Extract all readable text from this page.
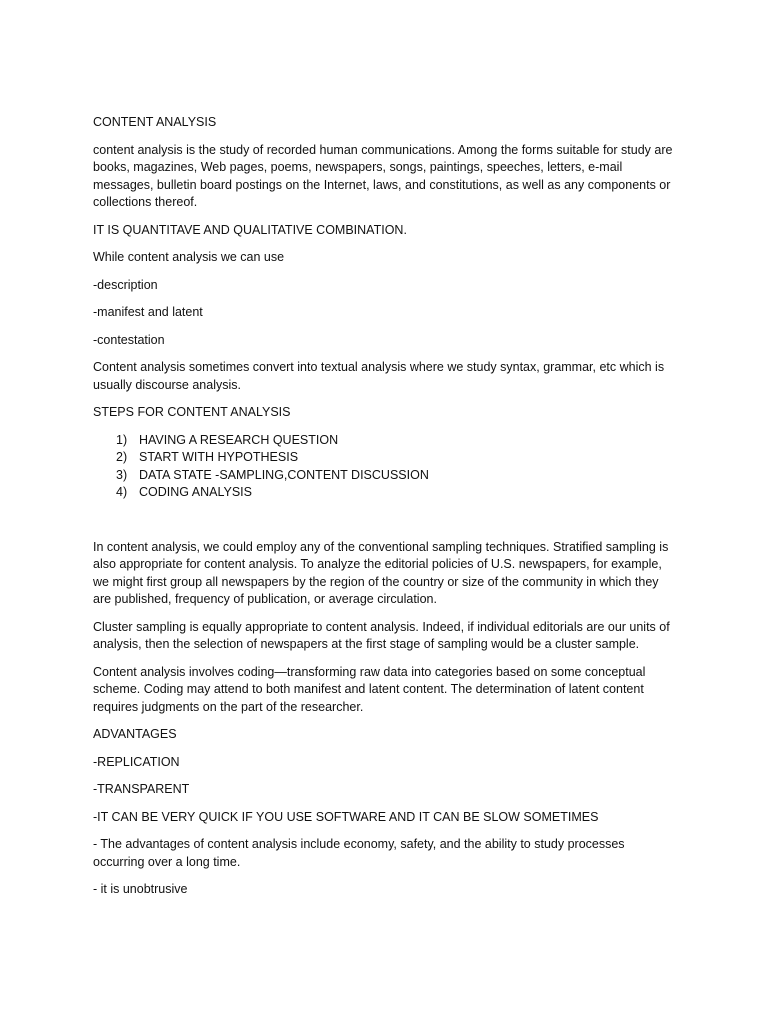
CONTENT ANALYSIS

content analysis is the study of recorded human communications. Among the forms suitable for study are books, magazines, Web pages, poems, newspapers, songs, paintings, speeches, letters, e-mail messages, bulletin board postings on the Internet, laws, and constitutions, as well as any components or collections thereof.

IT IS QUANTITAVE AND QUALITATIVE COMBINATION.

While content analysis we can use

-description

-manifest and latent

-contestation

Content analysis sometimes convert into textual analysis where we study syntax, grammar, etc which is usually discourse analysis.

STEPS FOR CONTENT ANALYSIS

1) HAVING A RESEARCH QUESTION
2) START WITH HYPOTHESIS
3) DATA STATE -SAMPLING,CONTENT DISCUSSION
4) CODING ANALYSIS

In content analysis, we could employ any of the conventional sampling techniques. Stratified sampling is also appropriate for content analysis. To analyze the editorial policies of U.S. newspapers, for example, we might first group all newspapers by the region of the country or size of the community in which they are published, frequency of publication, or average circulation.

Cluster sampling is equally appropriate to content analysis. Indeed, if individual editorials are our units of analysis, then the selection of newspapers at the first stage of sampling would be a cluster sample.

Content analysis involves coding—transforming raw data into categories based on some conceptual scheme. Coding may attend to both manifest and latent content. The determination of latent content requires judgments on the part of the researcher.

ADVANTAGES

-REPLICATION

-TRANSPARENT

-IT CAN BE VERY QUICK IF YOU USE SOFTWARE AND IT CAN BE SLOW SOMETIMES

- The advantages of content analysis include economy, safety, and the ability to study processes occurring over a long time.

- it is unobtrusive
